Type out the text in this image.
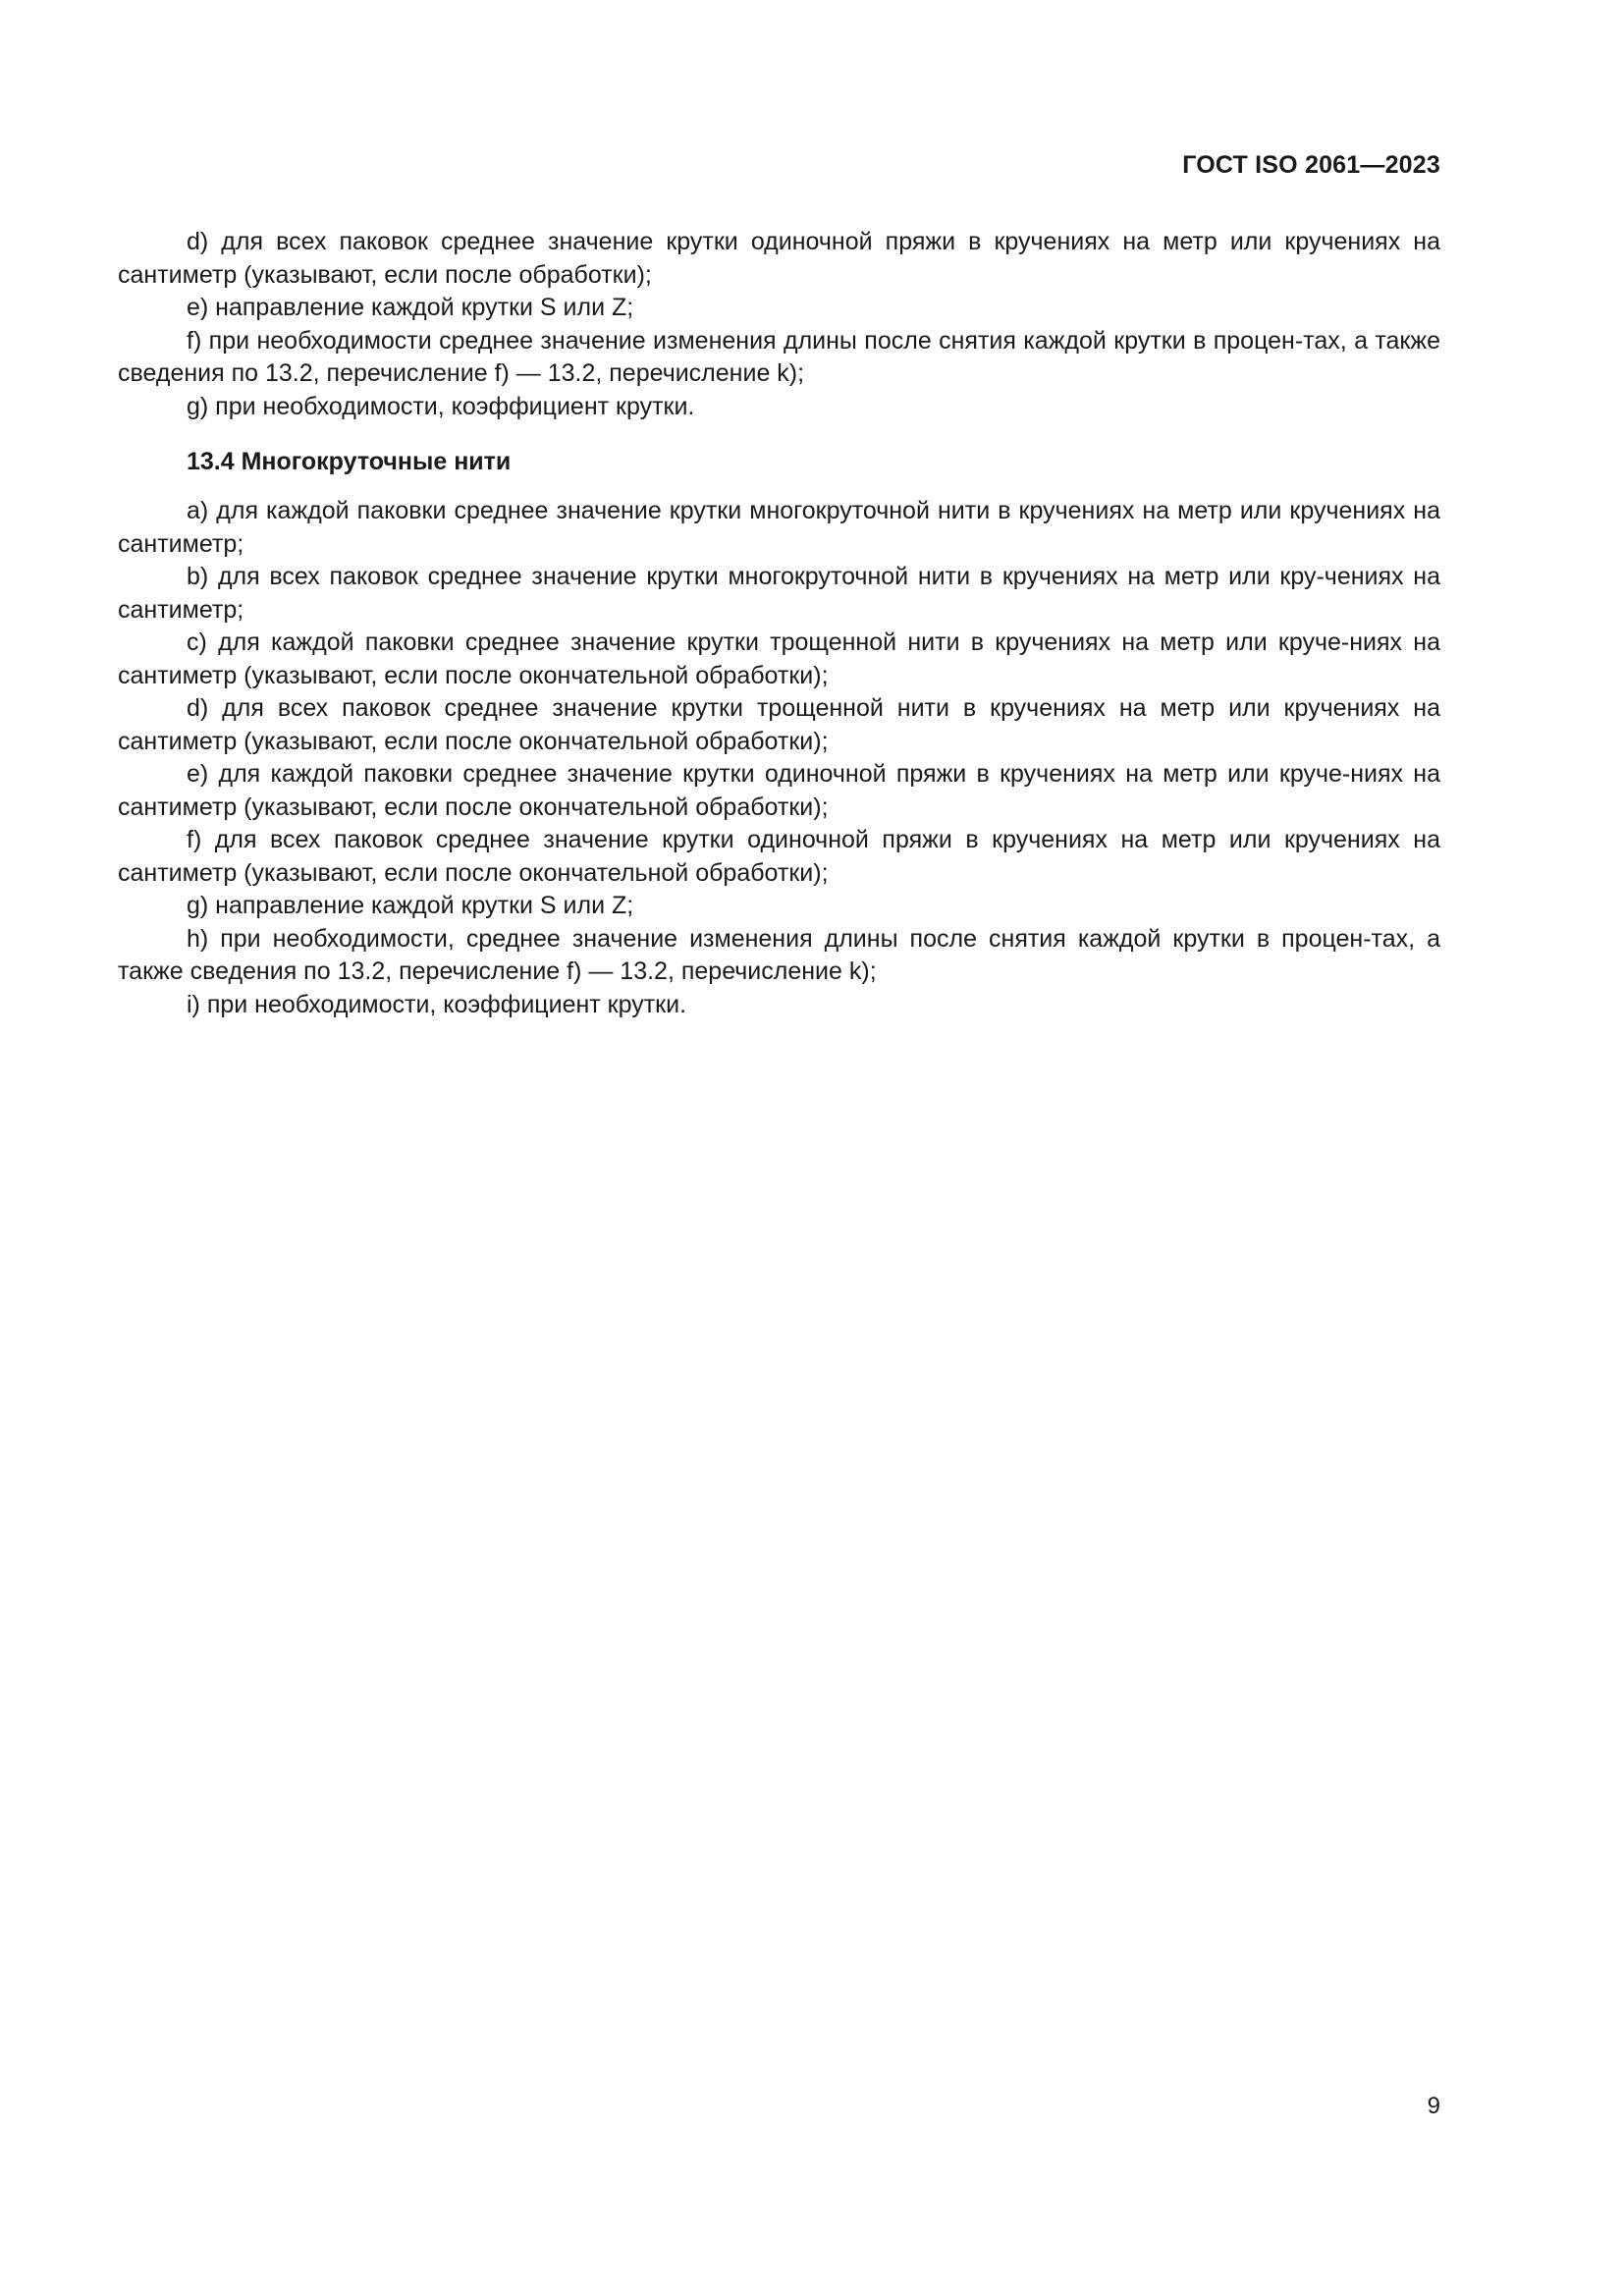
ГОСТ ISO 2061—2023

d) для всех паковок среднее значение крутки одиночной пряжи в кручениях на метр или кручениях на сантиметр (указывают, если после обработки);

e) направление каждой крутки S или Z;

f) при необходимости среднее значение изменения длины после снятия каждой крутки в процен-тах, а также сведения по 13.2, перечисление f) — 13.2, перечисление k);

g) при необходимости, коэффициент крутки.

13.4 Многокруточные нити

a) для каждой паковки среднее значение крутки многокруточной нити в кручениях на метр или кручениях на сантиметр;

b) для всех паковок среднее значение крутки многокруточной нити в кручениях на метр или кру-чениях на сантиметр;

c) для каждой паковки среднее значение крутки трощенной нити в кручениях на метр или круче-ниях на сантиметр (указывают, если после окончательной обработки);

d) для всех паковок среднее значение крутки трощенной нити в кручениях на метр или кручениях на сантиметр (указывают, если после окончательной обработки);

e) для каждой паковки среднее значение крутки одиночной пряжи в кручениях на метр или круче-ниях на сантиметр (указывают, если после окончательной обработки);

f) для всех паковок среднее значение крутки одиночной пряжи в кручениях на метр или кручениях на сантиметр (указывают, если после окончательной обработки);

g) направление каждой крутки S или Z;

h) при необходимости, среднее значение изменения длины после снятия каждой крутки в процен-тах, а также сведения по 13.2, перечисление f) — 13.2, перечисление k);

i) при необходимости, коэффициент крутки.

9
